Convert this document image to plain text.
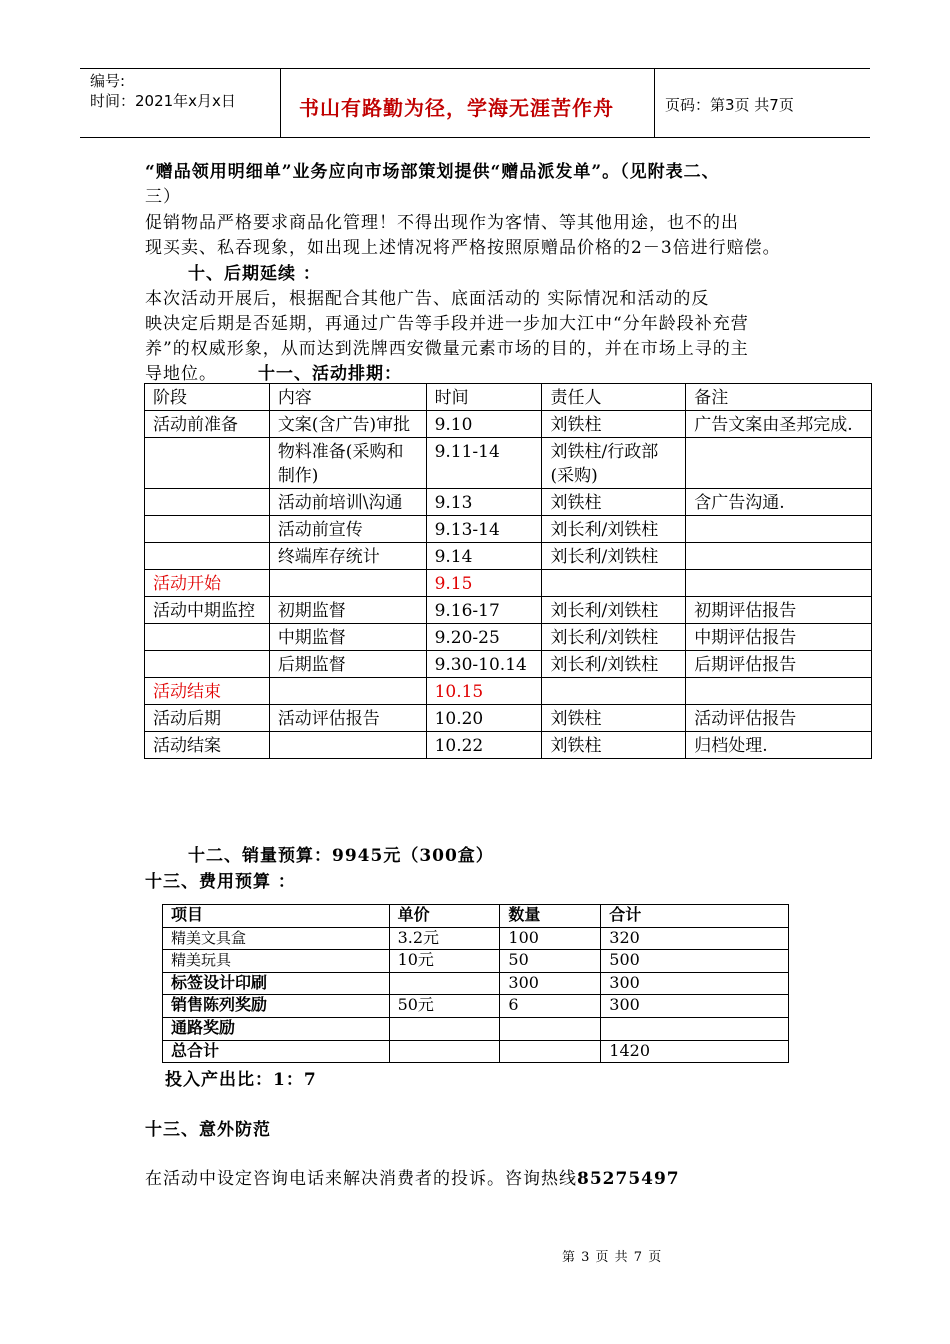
编号:
时间：2021年x月x日	书山有路勤为径，学海无涯苦作舟	页码：第3页 共7页
“赠品领用明细单”业务应向市场部策划提供“赠品派发单”。（见附表二、
三）
促销物品严格要求商品化管理！不得出现作为客情、等其他用途，也不的出
现买卖、私吞现象，如出现上述情况将严格按照原赠品价格的2－3倍进行赔偿。
十、后期延续 ：
本次活动开展后，根据配合其他广告、底面活动的 实际情况和活动的反
映决定后期是否延期，再通过广告等手段并进一步加大江中“分年龄段补充营
养”的权威形象，从而达到洗牌西安微量元素市场的目的，并在市场上寻的主
导地位。 十一、活动排期：
阶段	内容	时间	责任人	备注
活动前准备	文案(含广告)审批	9.10	刘铁柱	广告文案由圣邦完成.
	物料准备(采购和制作)	9.11-14	刘铁柱/行政部(采购)	
	活动前培训\沟通	9.13	刘铁柱	含广告沟通.
	活动前宣传	9.13-14	刘长利/刘铁柱	
	终端库存统计	9.14	刘长利/刘铁柱	
活动开始		9.15		
活动中期监控	初期监督	9.16-17	刘长利/刘铁柱	初期评估报告
	中期监督	9.20-25	刘长利/刘铁柱	中期评估报告
	后期监督	9.30-10.14	刘长利/刘铁柱	后期评估报告
活动结束		10.15		
活动后期	活动评估报告	10.20	刘铁柱	活动评估报告
活动结案		10.22	刘铁柱	归档处理.
十二、销量预算：9945元（300盒）
十三、费用预算 ：
项目	单价	数量	合计
精美文具盒	3.2元	100	320
精美玩具	10元	50	500
标签设计印刷		300	300
销售陈列奖励	50元	6	300
通路奖励			
总合计			1420
投入产出比：1：7
十三、意外防范
在活动中设定咨询电话来解决消费者的投诉。咨询热线85275497
第 3 页 共 7 页
